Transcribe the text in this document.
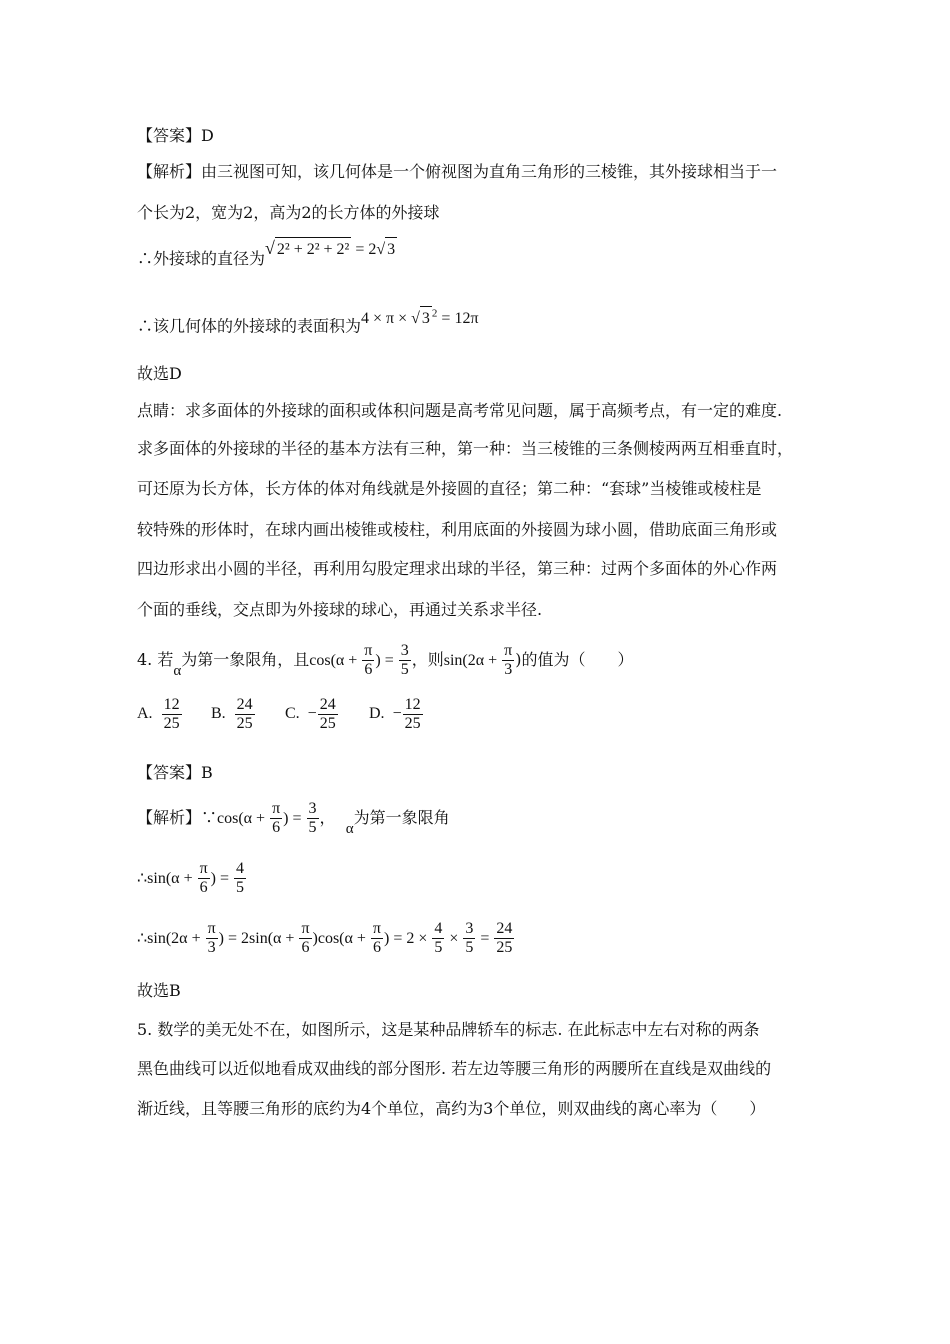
【答案】D
【解析】由三视图可知，该几何体是一个俯视图为直角三角形的三棱锥，其外接球相当于一
个长为2，宽为2，高为2的长方体的外接球
∴外接球的直径为√ 2² + 2² + 2² = 2√ 3
∴该几何体的外接球的表面积为4 × π × √ 3 $^2$ = 12π
故选D
点睛：求多面体的外接球的面积或体积问题是高考常见问题，属于高频考点，有一定的难度.
求多面体的外接球的半径的基本方法有三种，第一种：当三棱锥的三条侧棱两两互相垂直时，
可还原为长方体，长方体的体对角线就是外接圆的直径；第二种：“套球”当棱锥或棱柱是
较特殊的形体时，在球内画出棱锥或棱柱，利用底面的外接圆为球小圆，借助底面三角形或
四边形求出小圆的半径，再利用勾股定理求出球的半径，第三种：过两个多面体的外心作两
个面的垂线，交点即为外接球的球心，再通过关系求半径.
4. 若α为第一象限角，且$\cos(\alpha + \frac{\pi}{6}$ ) = $\frac{3}{5}$ ，则$\sin(2\alpha + \frac{\pi}{3}$ )的值为（　　）
A. $\frac{12}{25} B$. $\frac{24}{25} C$. − $\frac{24}{25} D$. − $\frac{12}{25}$
【答案】B
【解析】∵cos(α + $\frac{\pi}{6}$ ) = $\frac{3}{5}$ ，  α为第一象限角
∴sin(α + $\frac{\pi}{6}$ ) = $\frac{4}{5}$
∴sin(2α + $\frac{\pi}{3}$ ) = $2\sin(\alpha + \frac{\pi}{6} )\cos(\alpha + \frac{\pi}{6}$ ) = $2 \times \frac{4}{5} \times \frac{3}{5} = \frac{24}{25}$
故选B
5. 数学的美无处不在，如图所示，这是某种品牌轿车的标志. 在此标志中左右对称的两条
黑色曲线可以近似地看成双曲线的部分图形. 若左边等腰三角形的两腰所在直线是双曲线的
渐近线，且等腰三角形的底约为4个单位，高约为3个单位，则双曲线的离心率为（　　）
